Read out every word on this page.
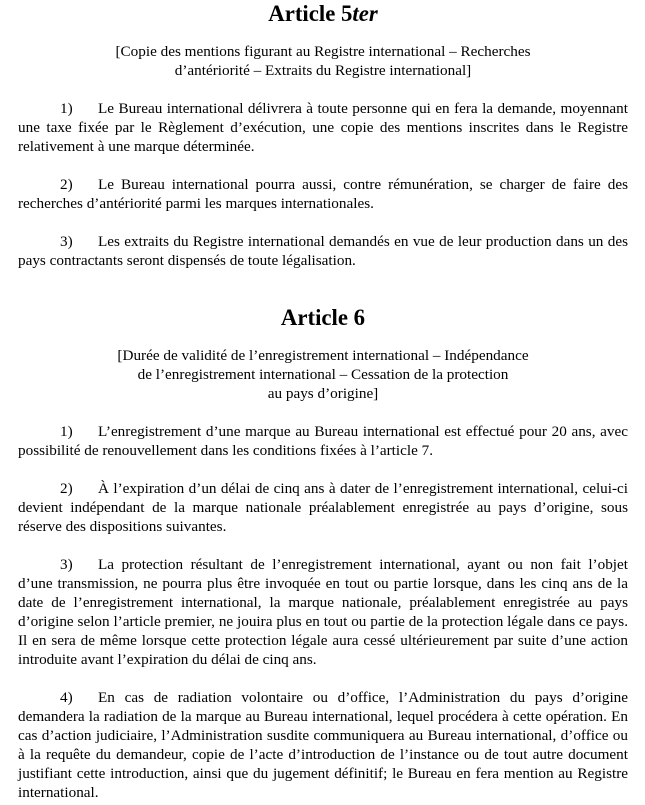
Article 5ter

[Copie des mentions figurant au Registre international – Recherches
d’antériorité – Extraits du Registre international]

1) Le Bureau international délivrera à toute personne qui en fera la demande, moyennant une taxe fixée par le Règlement d’exécution, une copie des mentions inscrites dans le Registre relativement à une marque déterminée.

2) Le Bureau international pourra aussi, contre rémunération, se charger de faire des recherches d’antériorité parmi les marques internationales.

3) Les extraits du Registre international demandés en vue de leur production dans un des pays contractants seront dispensés de toute légalisation.

Article 6

[Durée de validité de l’enregistrement international – Indépendance
de l’enregistrement international – Cessation de la protection
au pays d’origine]

1) L’enregistrement d’une marque au Bureau international est effectué pour 20 ans, avec possibilité de renouvellement dans les conditions fixées à l’article 7.

2) À l’expiration d’un délai de cinq ans à dater de l’enregistrement international, celui-ci devient indépendant de la marque nationale préalablement enregistrée au pays d’origine, sous réserve des dispositions suivantes.

3) La protection résultant de l’enregistrement international, ayant ou non fait l’objet d’une transmission, ne pourra plus être invoquée en tout ou partie lorsque, dans les cinq ans de la date de l’enregistrement international, la marque nationale, préalablement enregistrée au pays d’origine selon l’article premier, ne jouira plus en tout ou partie de la protection légale dans ce pays. Il en sera de même lorsque cette protection légale aura cessé ultérieurement par suite d’une action introduite avant l’expiration du délai de cinq ans.

4) En cas de radiation volontaire ou d’office, l’Administration du pays d’origine demandera la radiation de la marque au Bureau international, lequel procédera à cette opération. En cas d’action judiciaire, l’Administration susdite communiquera au Bureau international, d’office ou à la requête du demandeur, copie de l’acte d’introduction de l’instance ou de tout autre document justifiant cette introduction, ainsi que du jugement définitif; le Bureau en fera mention au Registre international.
